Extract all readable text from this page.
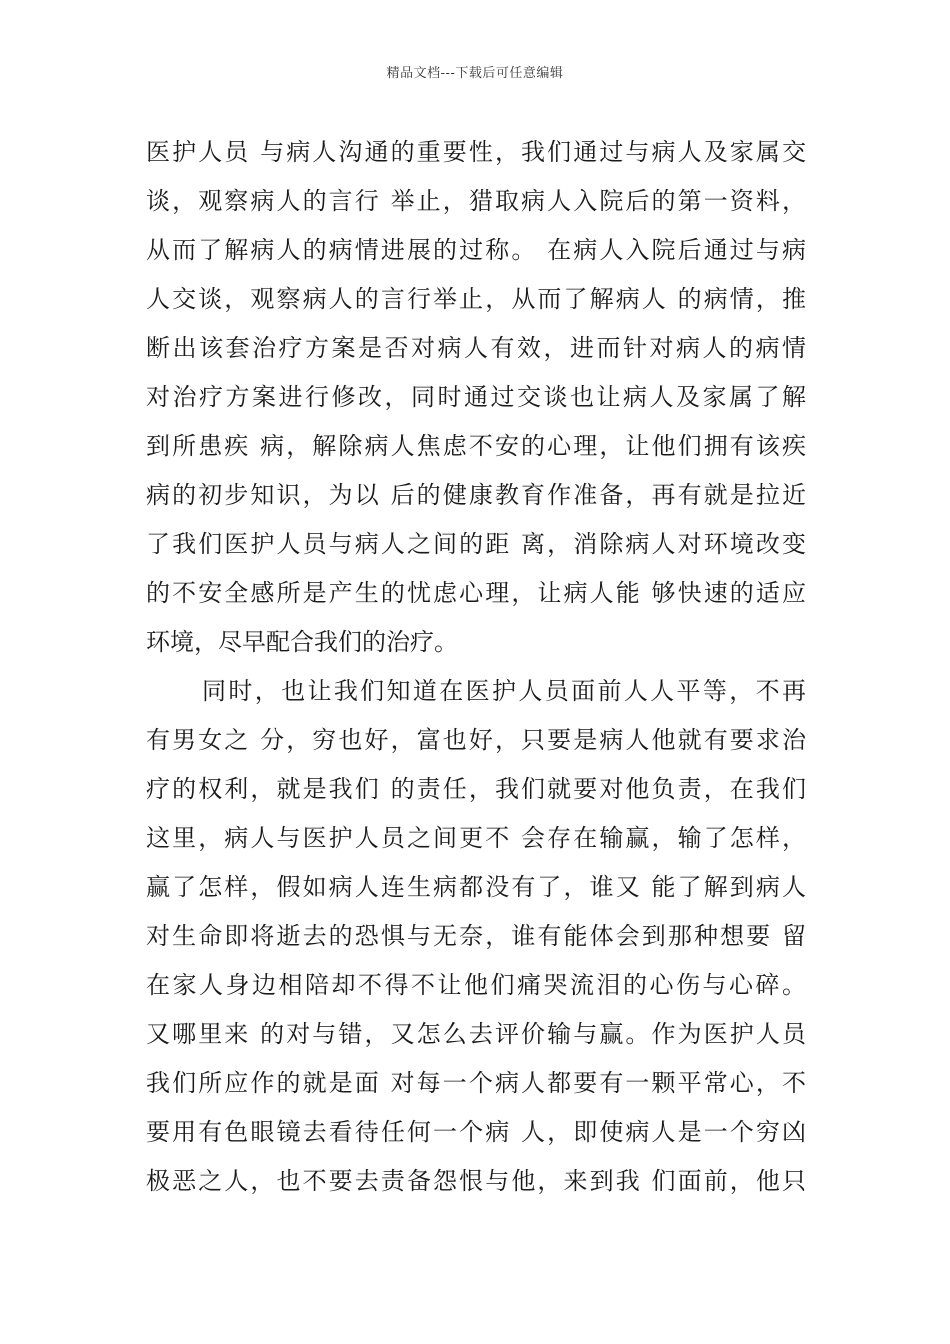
精品文档---下载后可任意编辑
医护人员 与病人沟通的重要性，我们通过与病人及家属交
谈，观察病人的言行 举止，猎取病人入院后的第一资料，
从而了解病人的病情进展的过称。 在病人入院后通过与病
人交谈，观察病人的言行举止，从而了解病人 的病情，推
断出该套治疗方案是否对病人有效，进而针对病人的病情
对治疗方案进行修改，同时通过交谈也让病人及家属了解
到所患疾 病，解除病人焦虑不安的心理，让他们拥有该疾
病的初步知识，为以 后的健康教育作准备，再有就是拉近
了我们医护人员与病人之间的距 离，消除病人对环境改变
的不安全感所是产生的忧虑心理，让病人能 够快速的适应
环境，尽早配合我们的治疗。
同时，也让我们知道在医护人员面前人人平等，不再
有男女之 分，穷也好，富也好，只要是病人他就有要求治
疗的权利，就是我们 的责任，我们就要对他负责，在我们
这里，病人与医护人员之间更不 会存在输赢，输了怎样，
赢了怎样，假如病人连生病都没有了，谁又 能了解到病人
对生命即将逝去的恐惧与无奈，谁有能体会到那种想要 留
在家人身边相陪却不得不让他们痛哭流泪的心伤与心碎。
又哪里来 的对与错，又怎么去评价输与赢。作为医护人员
我们所应作的就是面 对每一个病人都要有一颗平常心，不
要用有色眼镜去看待任何一个病 人，即使病人是一个穷凶
极恶之人，也不要去责备怨恨与他，来到我 们面前，他只
